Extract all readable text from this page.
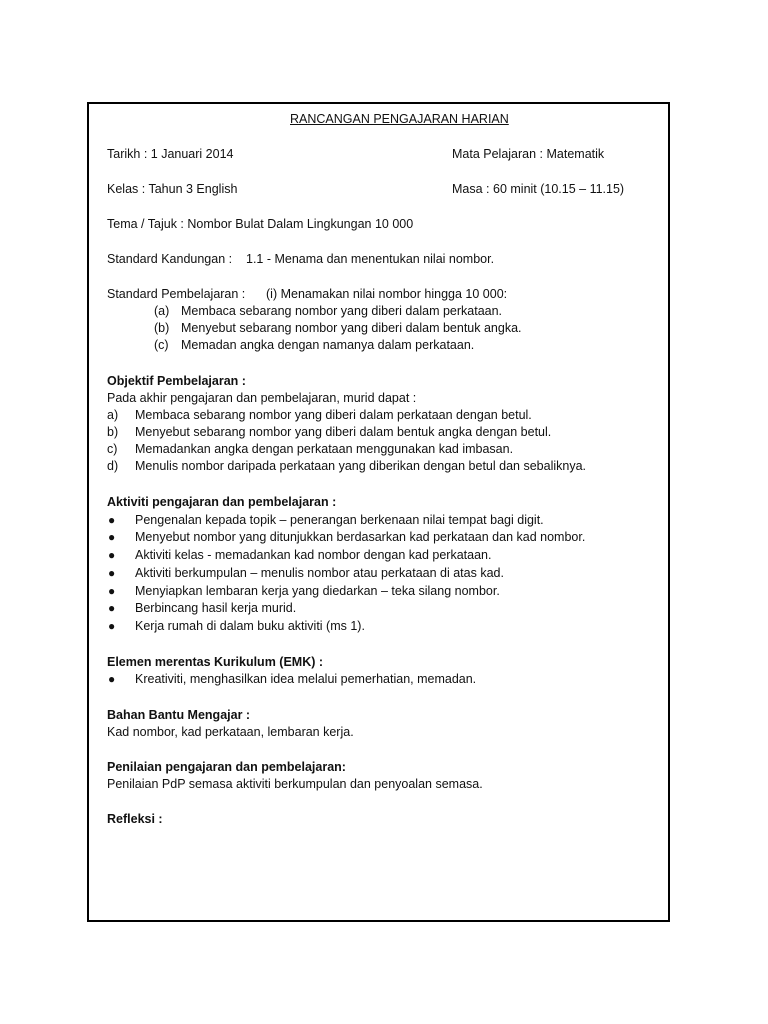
RANCANGAN PENGAJARAN HARIAN
Tarikh : 1 Januari 2014	Mata Pelajaran : Matematik
Kelas : Tahun 3 English	Masa : 60 minit (10.15 – 11.15)
Tema / Tajuk : Nombor Bulat Dalam Lingkungan 10 000
Standard Kandungan : 1.1 - Menama dan menentukan nilai nombor.
Standard Pembelajaran : (i) Menamakan nilai nombor hingga 10 000:
(a) Membaca sebarang nombor yang diberi dalam perkataan.
(b) Menyebut sebarang nombor yang diberi dalam bentuk angka.
(c) Memadan angka dengan namanya dalam perkataan.
Objektif Pembelajaran :
Pada akhir pengajaran dan pembelajaran, murid dapat :
a) Membaca sebarang nombor yang diberi dalam perkataan dengan betul.
b) Menyebut sebarang nombor yang diberi dalam bentuk angka dengan betul.
c) Memadankan angka dengan perkataan menggunakan kad imbasan.
d) Menulis nombor daripada perkataan yang diberikan dengan betul dan sebaliknya.
Aktiviti pengajaran dan pembelajaran :
● Pengenalan kepada topik – penerangan berkenaan nilai tempat bagi digit.
● Menyebut nombor yang ditunjukkan berdasarkan kad perkataan dan kad nombor.
● Aktiviti kelas - memadankan kad nombor dengan kad perkataan.
● Aktiviti berkumpulan – menulis nombor atau perkataan di atas kad.
● Menyiapkan lembaran kerja yang diedarkan – teka silang nombor.
● Berbincang hasil kerja murid.
● Kerja rumah di dalam buku aktiviti (ms 1).
Elemen merentas Kurikulum (EMK) :
● Kreativiti, menghasilkan idea melalui pemerhatian, memadan.
Bahan Bantu Mengajar :
Kad nombor, kad perkataan, lembaran kerja.
Penilaian pengajaran dan pembelajaran:
Penilaian PdP semasa aktiviti berkumpulan dan penyoalan semasa.
Refleksi :
